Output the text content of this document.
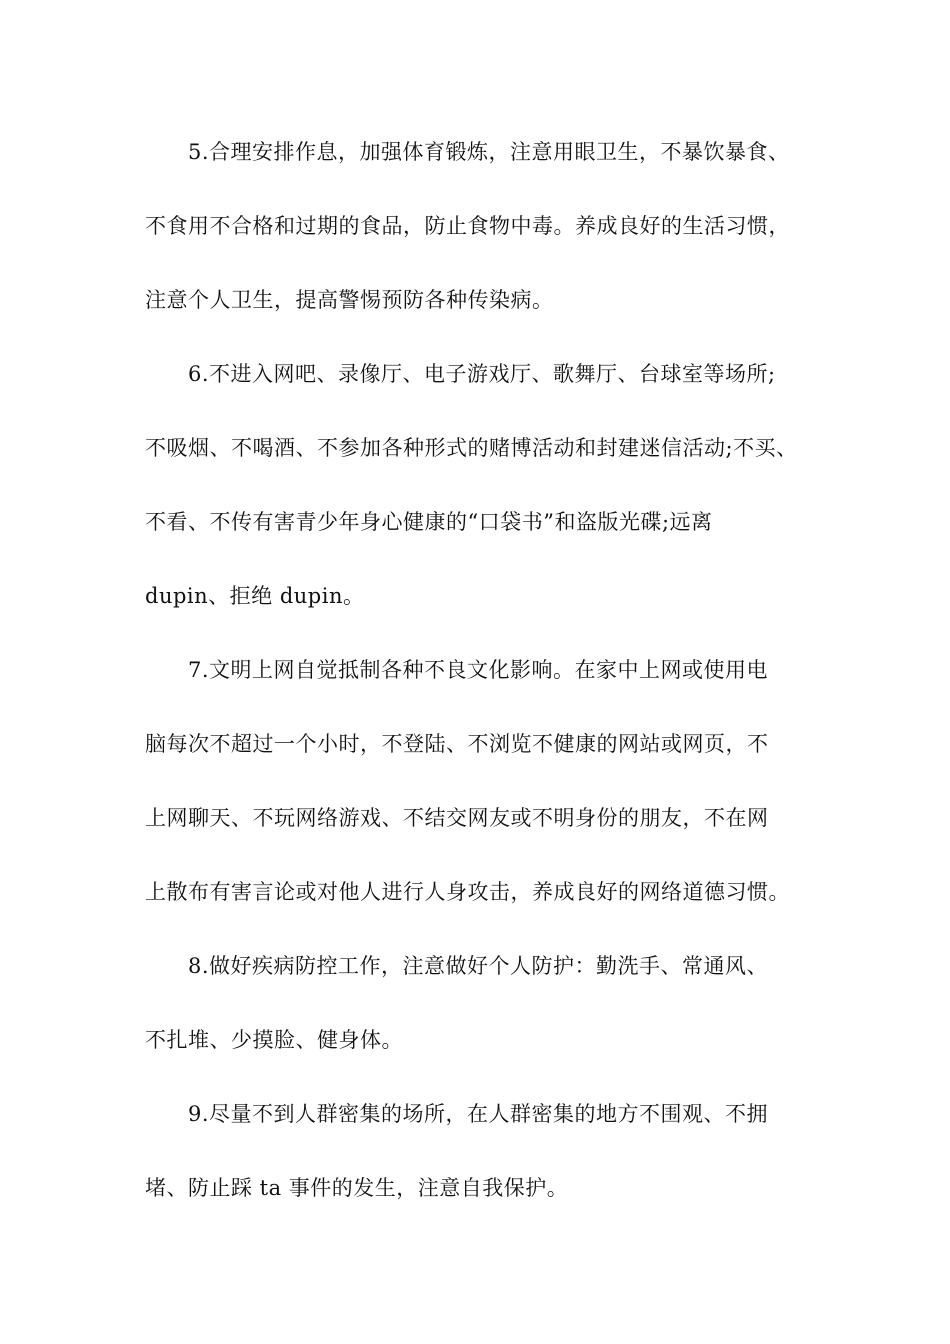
5.合理安排作息，加强体育锻炼，注意用眼卫生，不暴饮暴食、
不食用不合格和过期的食品，防止食物中毒。养成良好的生活习惯，
注意个人卫生，提高警惕预防各种传染病。
6.不进入网吧、录像厅、电子游戏厅、歌舞厅、台球室等场所;
不吸烟、不喝酒、不参加各种形式的赌博活动和封建迷信活动;不买、
不看、不传有害青少年身心健康的“口袋书”和盗版光碟;远离
dupin、拒绝 dupin。
7.文明上网自觉抵制各种不良文化影响。在家中上网或使用电
脑每次不超过一个小时，不登陆、不浏览不健康的网站或网页，不
上网聊天、不玩网络游戏、不结交网友或不明身份的朋友，不在网
上散布有害言论或对他人进行人身攻击，养成良好的网络道德习惯。
8.做好疾病防控工作，注意做好个人防护：勤洗手、常通风、
不扎堆、少摸脸、健身体。
9.尽量不到人群密集的场所，在人群密集的地方不围观、不拥
堵、防止踩 ta 事件的发生，注意自我保护。
